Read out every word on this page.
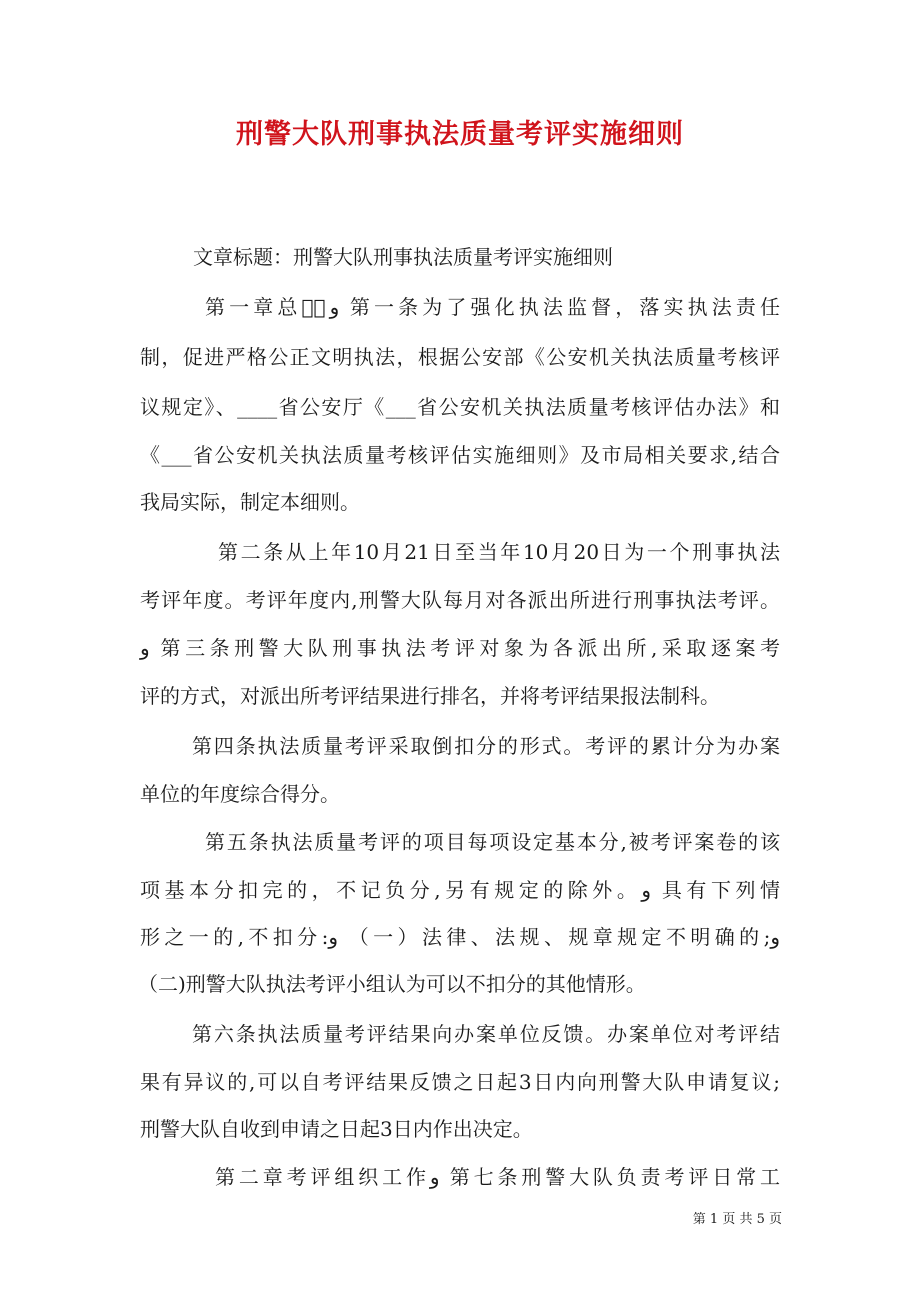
刑警大队刑事执法质量考评实施细则
文章标题：刑警大队刑事执法质量考评实施细则
第一章总则َو 第一条为了强化执法监督，落实执法责任
制，促进严格公正文明执法，根据公安部《公安机关执法质量考核评
议规定》、____省公安厅《___省公安机关执法质量考核评估办法》和
《___省公安机关执法质量考核评估实施细则》及市局相关要求,结合
我局实际，制定本细则。
第二条从上年10月21日至当年10月20日为一个刑事执法
考评年度。考评年度内,刑警大队每月对各派出所进行刑事执法考评。
و 第三条刑警大队刑事执法考评对象为各派出所,采取逐案考
评的方式，对派出所考评结果进行排名，并将考评结果报法制科。
第四条执法质量考评采取倒扣分的形式。考评的累计分为办案
单位的年度综合得分。
第五条执法质量考评的项目每项设定基本分,被考评案卷的该
项基本分扣完的，不记负分,另有规定的除外。و 具有下列情
形之一的,不扣分:و （一）法律、法规、规章规定不明确的;و
（二)刑警大队执法考评小组认为可以不扣分的其他情形。
第六条执法质量考评结果向办案单位反馈。办案单位对考评结
果有异议的,可以自考评结果反馈之日起3日内向刑警大队申请复议;
刑警大队自收到申请之日起3日内作出决定。
第二章考评组织工作و 第七条刑警大队负责考评日常工
第 1 页 共 5 页
